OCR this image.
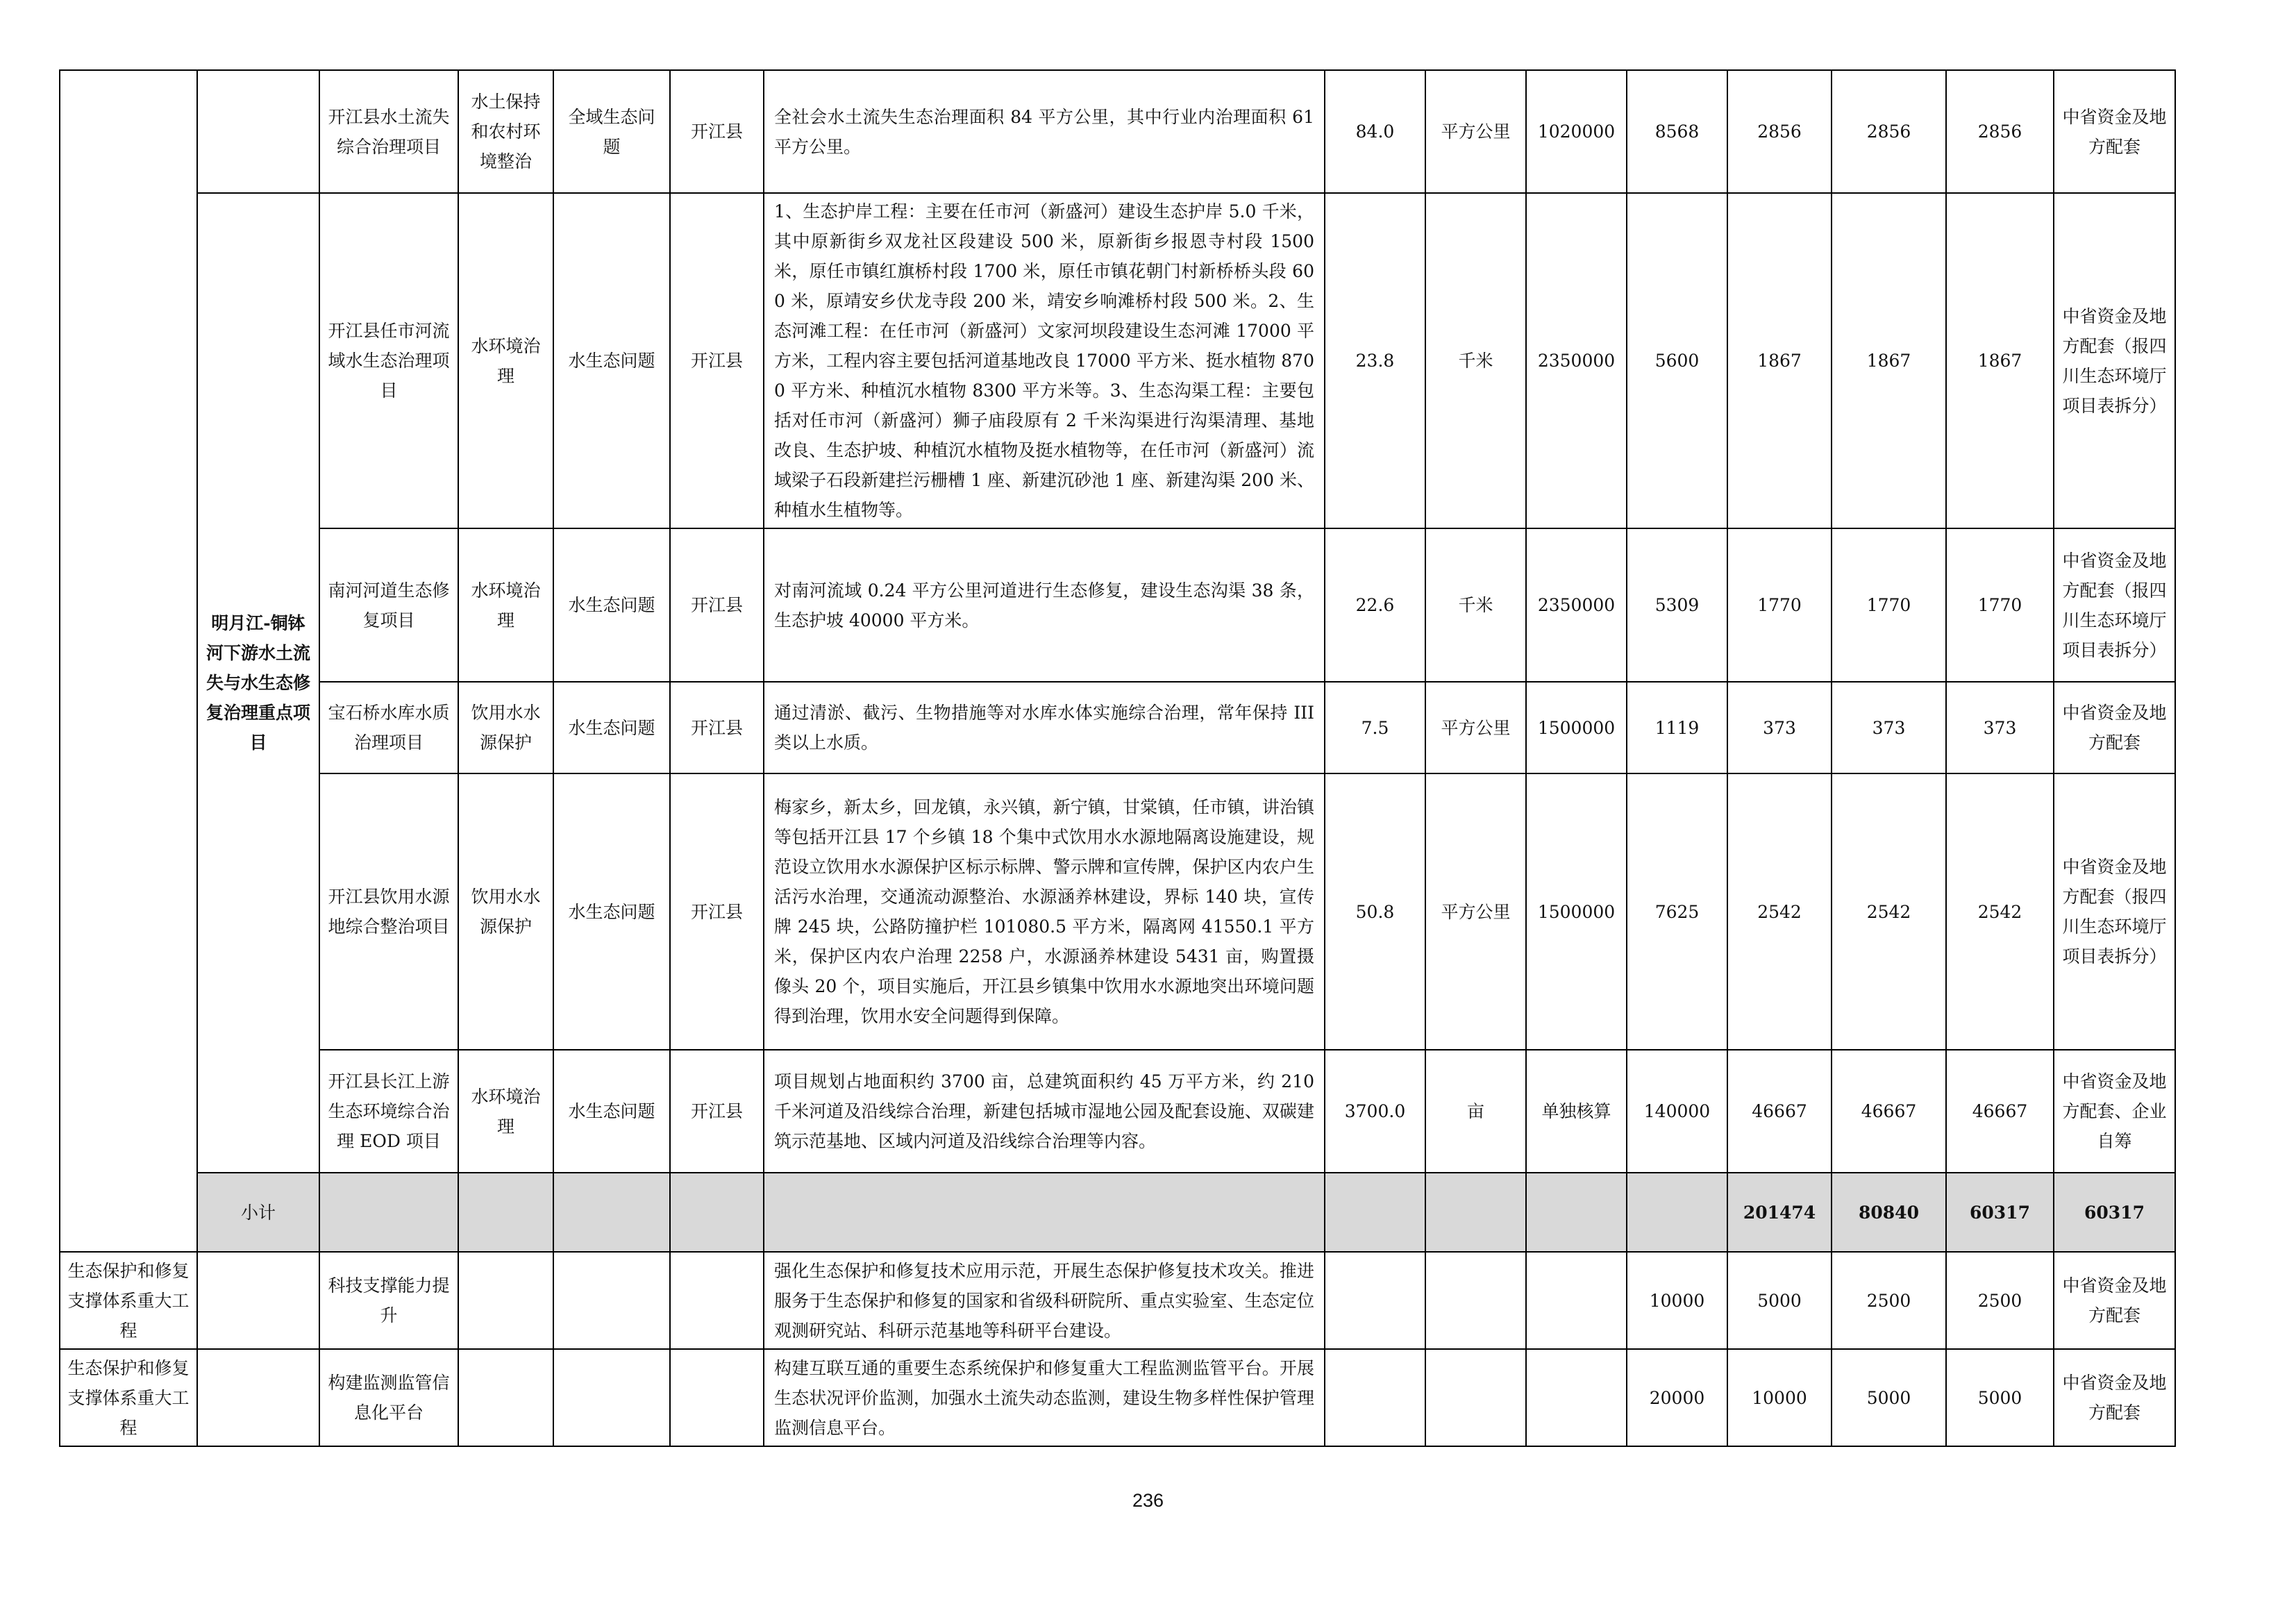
		开江县水土流失综合治理项目	水土保持和农村环境整治	全域生态问题	开江县	全社会水土流失生态治理面积 84 平方公里，其中行业内治理面积 61 平方公里。	84.0	平方公里	1020000	8568	2856	2856	2856	中省资金及地方配套	
	明月江-铜钵河下游水土流失与水生态修复治理重点项目	开江县任市河流域水生态治理项目	水环境治理	水生态问题	开江县	1、生态护岸工程：主要在任市河（新盛河）建设生态护岸 5.0 千米，其中原新街乡双龙社区段建设 500 米，原新街乡报恩寺村段 1500 米，原任市镇红旗桥村段 1700 米，原任市镇花朝门村新桥桥头段 600 米，原靖安乡伏龙寺段 200 米，靖安乡响滩桥村段 500 米。2、生态河滩工程：在任市河（新盛河）文家河坝段建设生态河滩 17000 平方米，工程内容主要包括河道基地改良 17000 平方米、挺水植物 8700 平方米、种植沉水植物 8300 平方米等。3、生态沟渠工程：主要包括对任市河（新盛河）狮子庙段原有 2 千米沟渠进行沟渠清理、基地改良、生态护坡、种植沉水植物及挺水植物等，在任市河（新盛河）流域梁子石段新建拦污栅槽 1 座、新建沉砂池 1 座、新建沟渠 200 米、种植水生植物等。	23.8	千米	2350000	5600	1867	1867	1867	中省资金及地方配套（报四川生态环境厅项目表拆分）	
		南河河道生态修复项目	水环境治理	水生态问题	开江县	对南河流域 0.24 平方公里河道进行生态修复，建设生态沟渠 38 条，生态护坡 40000 平方米。	22.6	千米	2350000	5309	1770	1770	1770	中省资金及地方配套（报四川生态环境厅项目表拆分）	
		宝石桥水库水质治理项目	饮用水水源保护	水生态问题	开江县	通过清淤、截污、生物措施等对水库水体实施综合治理，常年保持 III 类以上水质。	7.5	平方公里	1500000	1119	373	373	373	中省资金及地方配套	
		开江县饮用水源地综合整治项目	饮用水水源保护	水生态问题	开江县	梅家乡，新太乡，回龙镇，永兴镇，新宁镇，甘棠镇，任市镇，讲治镇等包括开江县 17 个乡镇 18 个集中式饮用水水源地隔离设施建设，规范设立饮用水水源保护区标示标牌、警示牌和宣传牌，保护区内农户生活污水治理，交通流动源整治、水源涵养林建设，界标 140 块，宣传牌 245 块，公路防撞护栏 101080.5 平方米，隔离网 41550.1 平方米，保护区内农户治理 2258 户，水源涵养林建设 5431 亩，购置摄像头 20 个，项目实施后，开江县乡镇集中饮用水水源地突出环境问题得到治理，饮用水安全问题得到保障。	50.8	平方公里	1500000	7625	2542	2542	2542	中省资金及地方配套（报四川生态环境厅项目表拆分）	
		开江县长江上游生态环境综合治理 EOD 项目	水环境治理	水生态问题	开江县	项目规划占地面积约 3700 亩，总建筑面积约 45 万平方米，约 210 千米河道及沿线综合治理，新建包括城市湿地公园及配套设施、双碳建筑示范基地、区域内河道及沿线综合治理等内容。	3700.0	亩	单独核算	140000	46667	46667	46667	中省资金及地方配套、企业自筹	
	小计										201474	80840	60317	60317	
生态保护和修复支撑体系重大工程		科技支撑能力提升				强化生态保护和修复技术应用示范，开展生态保护修复技术攻关。推进服务于生态保护和修复的国家和省级科研院所、重点实验室、生态定位观测研究站、科研示范基地等科研平台建设。				10000	5000	2500	2500	中省资金及地方配套	
生态保护和修复支撑体系重大工程		构建监测监管信息化平台				构建互联互通的重要生态系统保护和修复重大工程监测监管平台。开展生态状况评价监测，加强水土流失动态监测，建设生物多样性保护管理监测信息平台。				20000	10000	5000	5000	中省资金及地方配套	
236
